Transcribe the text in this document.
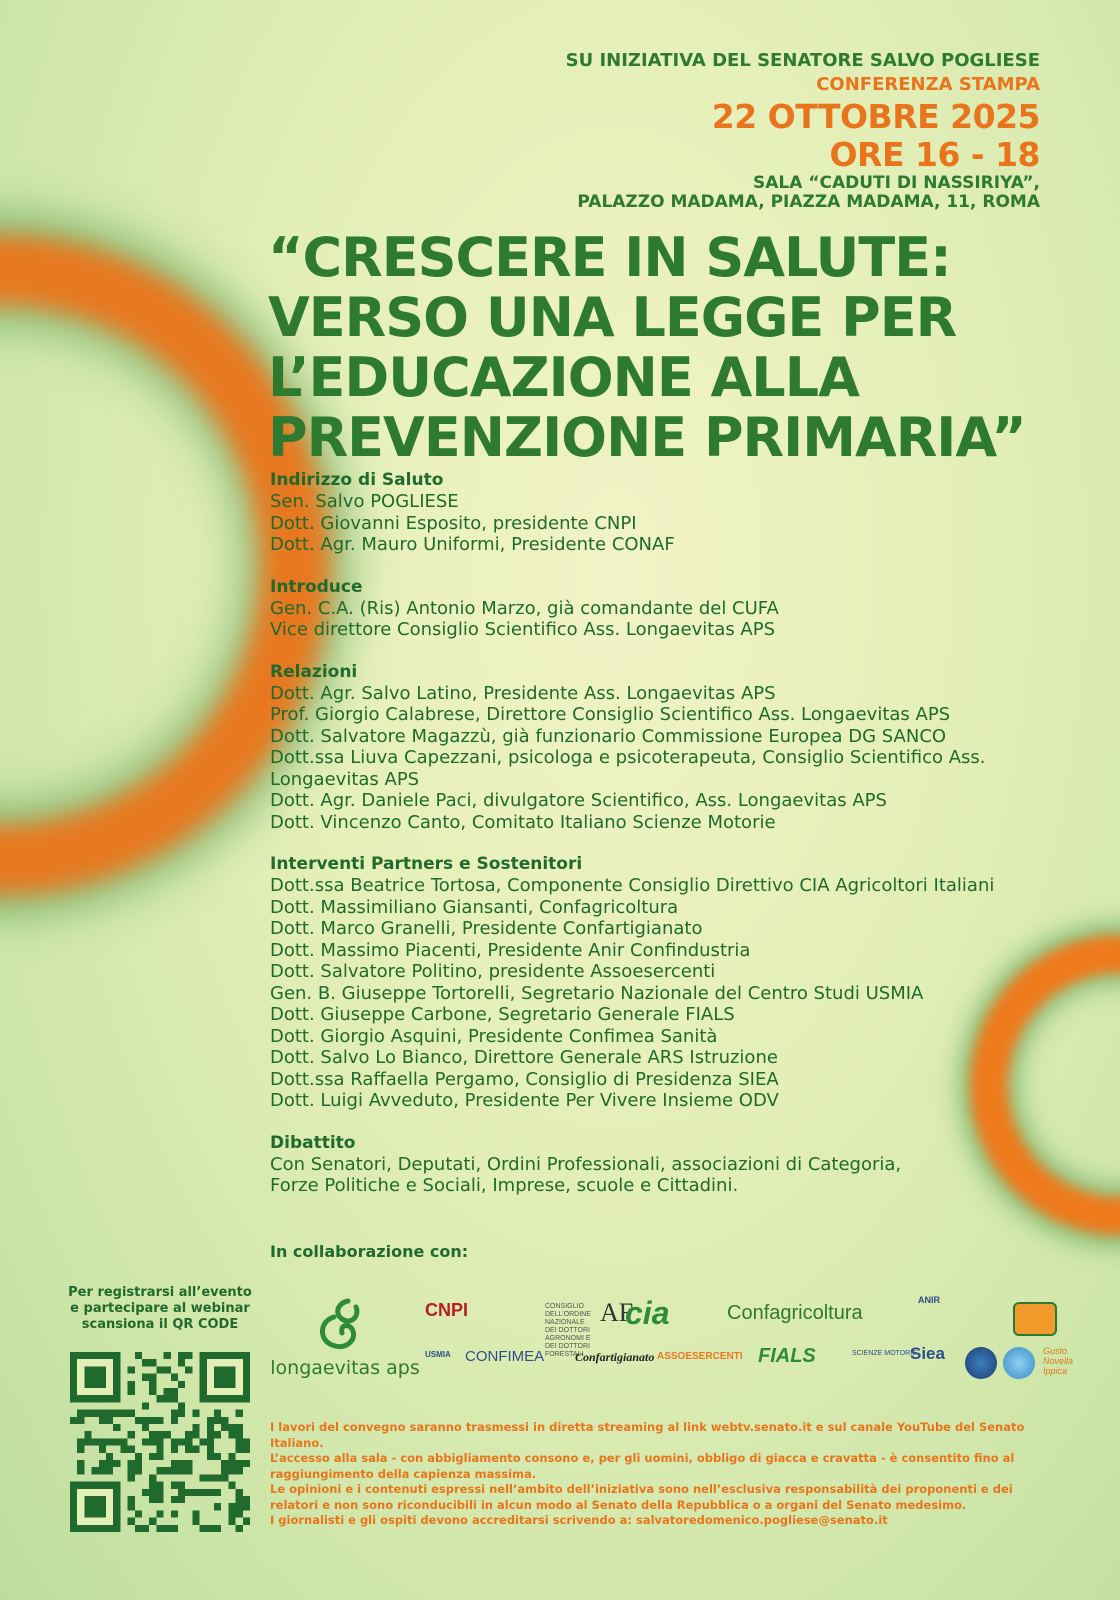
SU INIZIATIVA DEL SENATORE SALVO POGLIESE
CONFERENZA STAMPA
22 OTTOBRE 2025
ORE 16 - 18
SALA “CADUTI DI NASSIRIYA”,
PALAZZO MADAMA, PIAZZA MADAMA, 11, ROMA
“CRESCERE IN SALUTE:
VERSO UNA LEGGE PER
L’EDUCAZIONE ALLA
PREVENZIONE PRIMARIA”
Indirizzo di Saluto
Sen. Salvo POGLIESE
Dott. Giovanni Esposito, presidente CNPI
Dott. Agr. Mauro Uniformi, Presidente CONAF
Introduce
Gen. C.A. (Ris) Antonio Marzo, già comandante del CUFA
Vice direttore Consiglio Scientifico Ass. Longaevitas APS
Relazioni
Dott. Agr. Salvo Latino, Presidente Ass. Longaevitas APS
Prof. Giorgio Calabrese, Direttore Consiglio Scientifico Ass. Longaevitas APS
Dott. Salvatore Magazzù, già funzionario Commissione Europea DG SANCO
Dott.ssa Liuva Capezzani, psicologa e psicoterapeuta, Consiglio Scientifico Ass. Longaevitas APS
Dott. Agr. Daniele Paci, divulgatore Scientifico, Ass. Longaevitas APS
Dott. Vincenzo Canto, Comitato Italiano Scienze Motorie
Interventi Partners e Sostenitori
Dott.ssa Beatrice Tortosa, Componente Consiglio Direttivo CIA Agricoltori Italiani
Dott. Massimiliano Giansanti, Confagricoltura
Dott. Marco Granelli, Presidente Confartigianato
Dott. Massimo Piacenti, Presidente Anir Confindustria
Dott. Salvatore Politino, presidente Assoesercenti
Gen. B. Giuseppe Tortorelli, Segretario Nazionale del Centro Studi USMIA
Dott. Giuseppe Carbone, Segretario Generale FIALS
Dott. Giorgio Asquini, Presidente Confimea Sanità
Dott. Salvo Lo Bianco, Direttore Generale ARS Istruzione
Dott.ssa Raffaella Pergamo, Consiglio di Presidenza SIEA
Dott. Luigi Avveduto, Presidente Per Vivere Insieme ODV
Dibattito
Con Senatori, Deputati, Ordini Professionali, associazioni di Categoria,
Forze Politiche e Sociali, Imprese, scuole e Cittadini.
In collaborazione con:
Per registrarsi all’evento
e partecipare al webinar
scansiona il QR CODE
longaevitas aps
CNPI	CONSIGLIO DELL’ORDINE NAZIONALE DEI DOTTORI AGRONOMI E DEI DOTTORI FORESTALI
AF
cia	Confagricoltura
ANIR
USMIA CONFIMEA	Confartigianato ASSOESERCENTI FIALS	SCIENZE MOTORIE
Siea	Gusto Novella Ippica

I lavori del convegno saranno trasmessi in diretta streaming al link webtv.senato.it e sul canale YouTube del Senato Italiano.

L’accesso alla sala - con abbigliamento consono e, per gli uomini, obbligo di giacca e cravatta - è consentito fino al raggiungimento della capienza massima.

Le opinioni e i contenuti espressi nell’ambito dell’iniziativa sono nell’esclusiva responsabilità dei proponenti e dei relatori e non sono riconducibili in alcun modo al Senato della Repubblica o a organi del Senato medesimo.

I giornalisti e gli ospiti devono accreditarsi scrivendo a: salvatoredomenico.pogliese@senato.it
